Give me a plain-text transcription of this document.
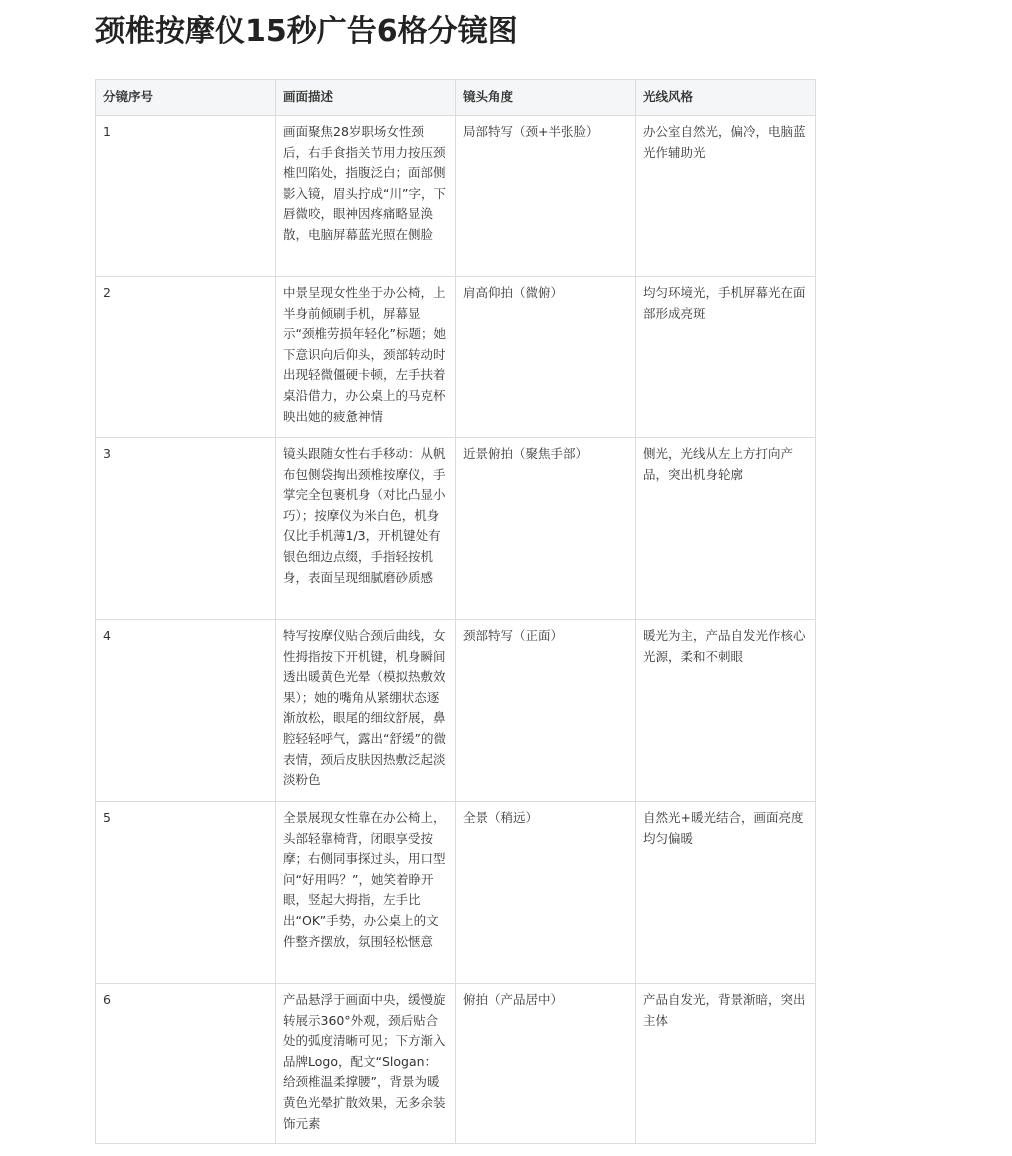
颈椎按摩仪15秒广告6格分镜图
分镜序号	画面描述	镜头角度	光线风格
1	画面聚焦28岁职场女性颈后，右手食指关节用力按压颈椎凹陷处，指腹泛白；面部侧影入镜，眉头拧成“川”字，下唇微咬，眼神因疼痛略显涣散，电脑屏幕蓝光照在侧脸	局部特写（颈+半张脸）	办公室自然光，偏冷，电脑蓝光作辅助光
2	中景呈现女性坐于办公椅，上半身前倾刷手机，屏幕显示“颈椎劳损年轻化”标题；她下意识向后仰头，颈部转动时出现轻微僵硬卡顿，左手扶着桌沿借力，办公桌上的马克杯映出她的疲惫神情	肩高仰拍（微俯）	均匀环境光，手机屏幕光在面部形成亮斑
3	镜头跟随女性右手移动：从帆布包侧袋掏出颈椎按摩仪，手掌完全包裹机身（对比凸显小巧）；按摩仪为米白色，机身仅比手机薄1/3，开机键处有银色细边点缀，手指轻按机身，表面呈现细腻磨砂质感	近景俯拍（聚焦手部）	侧光，光线从左上方打向产品，突出机身轮廓
4	特写按摩仪贴合颈后曲线，女性拇指按下开机键，机身瞬间透出暖黄色光晕（模拟热敷效果）；她的嘴角从紧绷状态逐渐放松，眼尾的细纹舒展，鼻腔轻轻呼气，露出“舒缓”的微表情，颈后皮肤因热敷泛起淡淡粉色	颈部特写（正面）	暖光为主，产品自发光作核心光源，柔和不刺眼
5	全景展现女性靠在办公椅上，头部轻靠椅背，闭眼享受按摩；右侧同事探过头，用口型问“好用吗？”，她笑着睁开眼，竖起大拇指，左手比出“OK”手势，办公桌上的文件整齐摆放，氛围轻松惬意	全景（稍远）	自然光+暖光结合，画面亮度均匀偏暖
6	产品悬浮于画面中央，缓慢旋转展示360°外观，颈后贴合处的弧度清晰可见；下方渐入品牌Logo，配文“Slogan：给颈椎温柔撑腰”，背景为暖黄色光晕扩散效果，无多余装饰元素	俯拍（产品居中）	产品自发光，背景渐暗，突出主体
